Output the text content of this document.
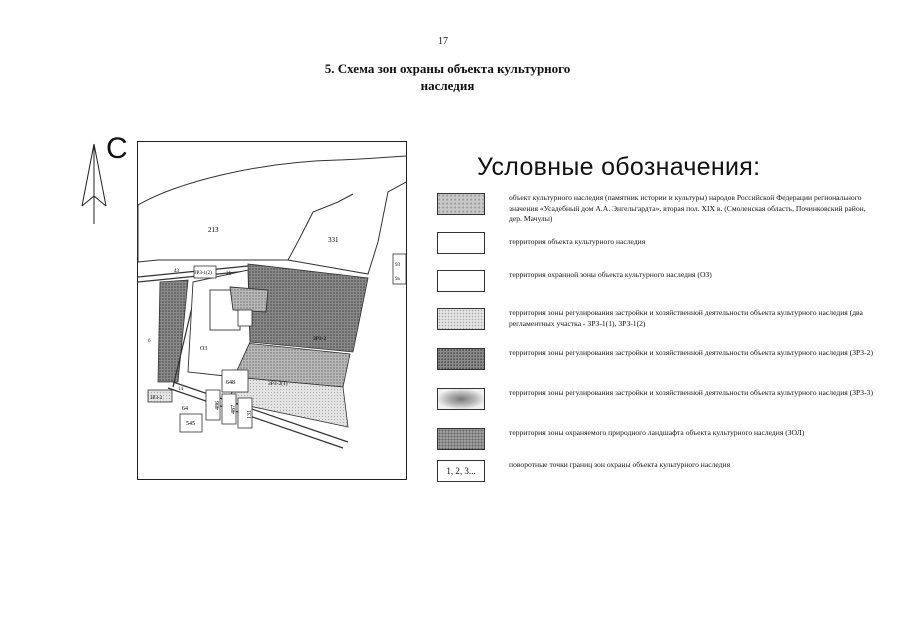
17
5. Схема зон охраны объекта культурного
наследия
С
213
331
ЗРЗ-1(2)	25
О3
ЗРЗ-2(1)
ЗРЗ-2
648
ЗРЗ-3
64
545
486 487
131
93
9а
43
14
6
Условные обозначения:
объект культурного наследия (памятник истории и культуры) народов Российской Федерации регионального значения «Усадебный дом А.А. Энгельгардта», вторая пол. XIX в. (Смоленская область, Починковский район, дер. Мачулы)
территория объекта культурного наследия
территория охранной зоны объекта культурного наследия (ОЗ)
территория зоны регулирования застройки и хозяйственной деятельности объекта культурного наследия (два регламентных участка - ЗРЗ-1(1), ЗРЗ-1(2)
территория зоны регулирования застройки и хозяйственной деятельности объекта культурного наследия (ЗРЗ-2)
территория зоны регулирования застройки и хозяйственной деятельности объекта культурного наследия (ЗРЗ-3)
территория зоны охраняемого природного ландшафта объекта культурного наследия (ЗОЛ)
1, 2, 3...
поворотные точки границ зон охраны объекта культурного наследия
